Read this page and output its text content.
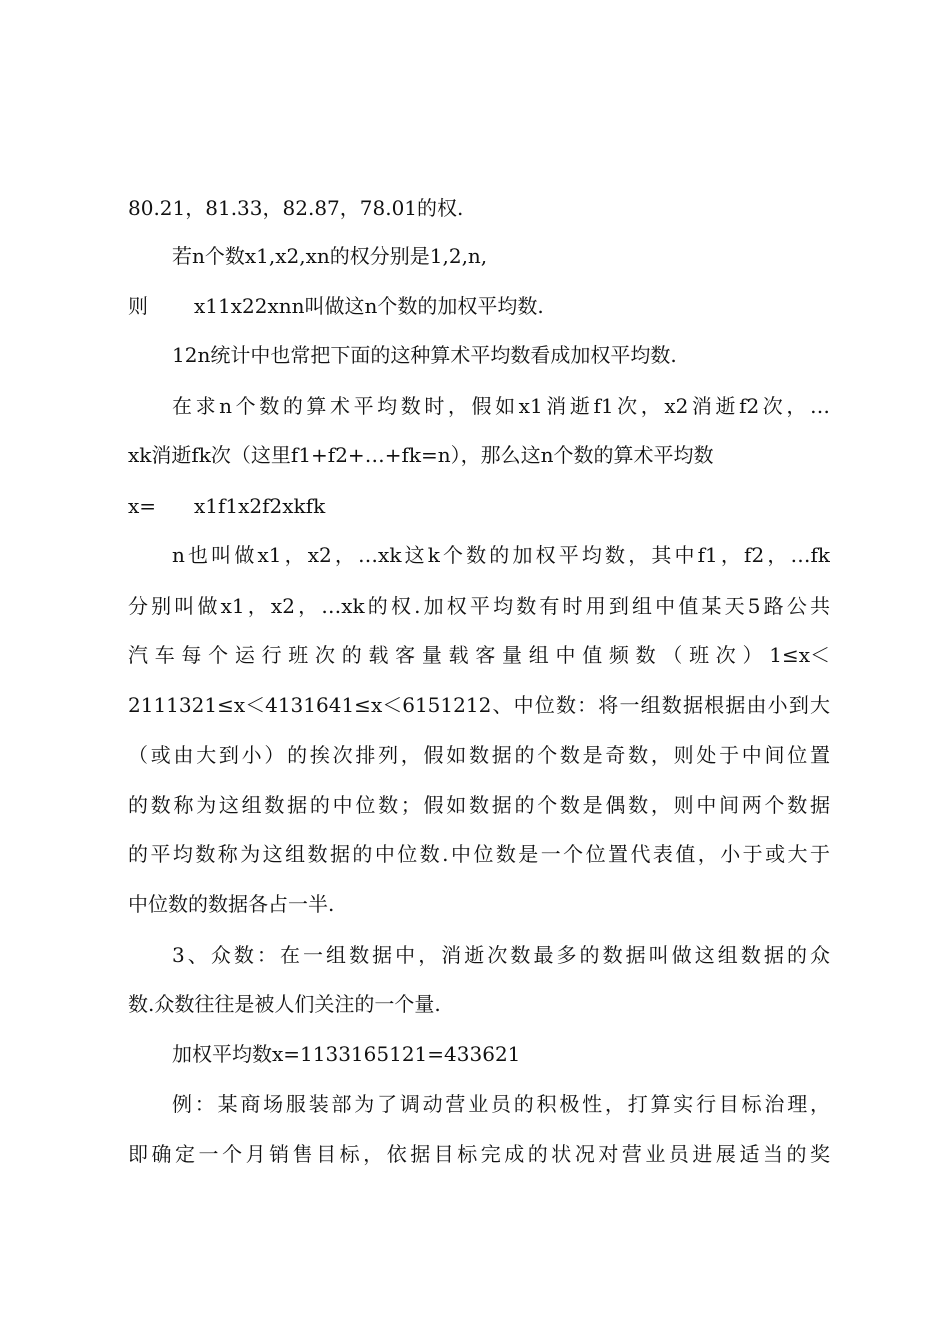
80.21，81.33，82.87，78.01的权.
若n个数x1,x2,xn的权分别是1,2,n,
则 x11x22xnn叫做这n个数的加权平均数.
12n统计中也常把下面的这种算术平均数看成加权平均数.
在求n个数的算术平均数时，假如x1消逝f1次，x2消逝f2次，…
xk消逝fk次（这里f1+f2+…+fk=n），那么这n个数的算术平均数
x= x1f1x2f2xkfk
n也叫做x1，x2，…xk这k个数的加权平均数，其中f1，f2，…fk
分别叫做x1，x2，…xk的权.加权平均数有时用到组中值某天5路公共
汽车每个运行班次的载客量载客量组中值频数（班次）1≤x＜
2111321≤x＜4131641≤x＜6151212、中位数：将一组数据根据由小到大
（或由大到小）的挨次排列，假如数据的个数是奇数，则处于中间位置
的数称为这组数据的中位数；假如数据的个数是偶数，则中间两个数据
的平均数称为这组数据的中位数.中位数是一个位置代表值，小于或大于
中位数的数据各占一半.
3、众数：在一组数据中，消逝次数最多的数据叫做这组数据的众
数.众数往往是被人们关注的一个量.
加权平均数x=1133165121=433621
例：某商场服装部为了调动营业员的积极性，打算实行目标治理，
即确定一个月销售目标，依据目标完成的状况对营业员进展适当的奖
